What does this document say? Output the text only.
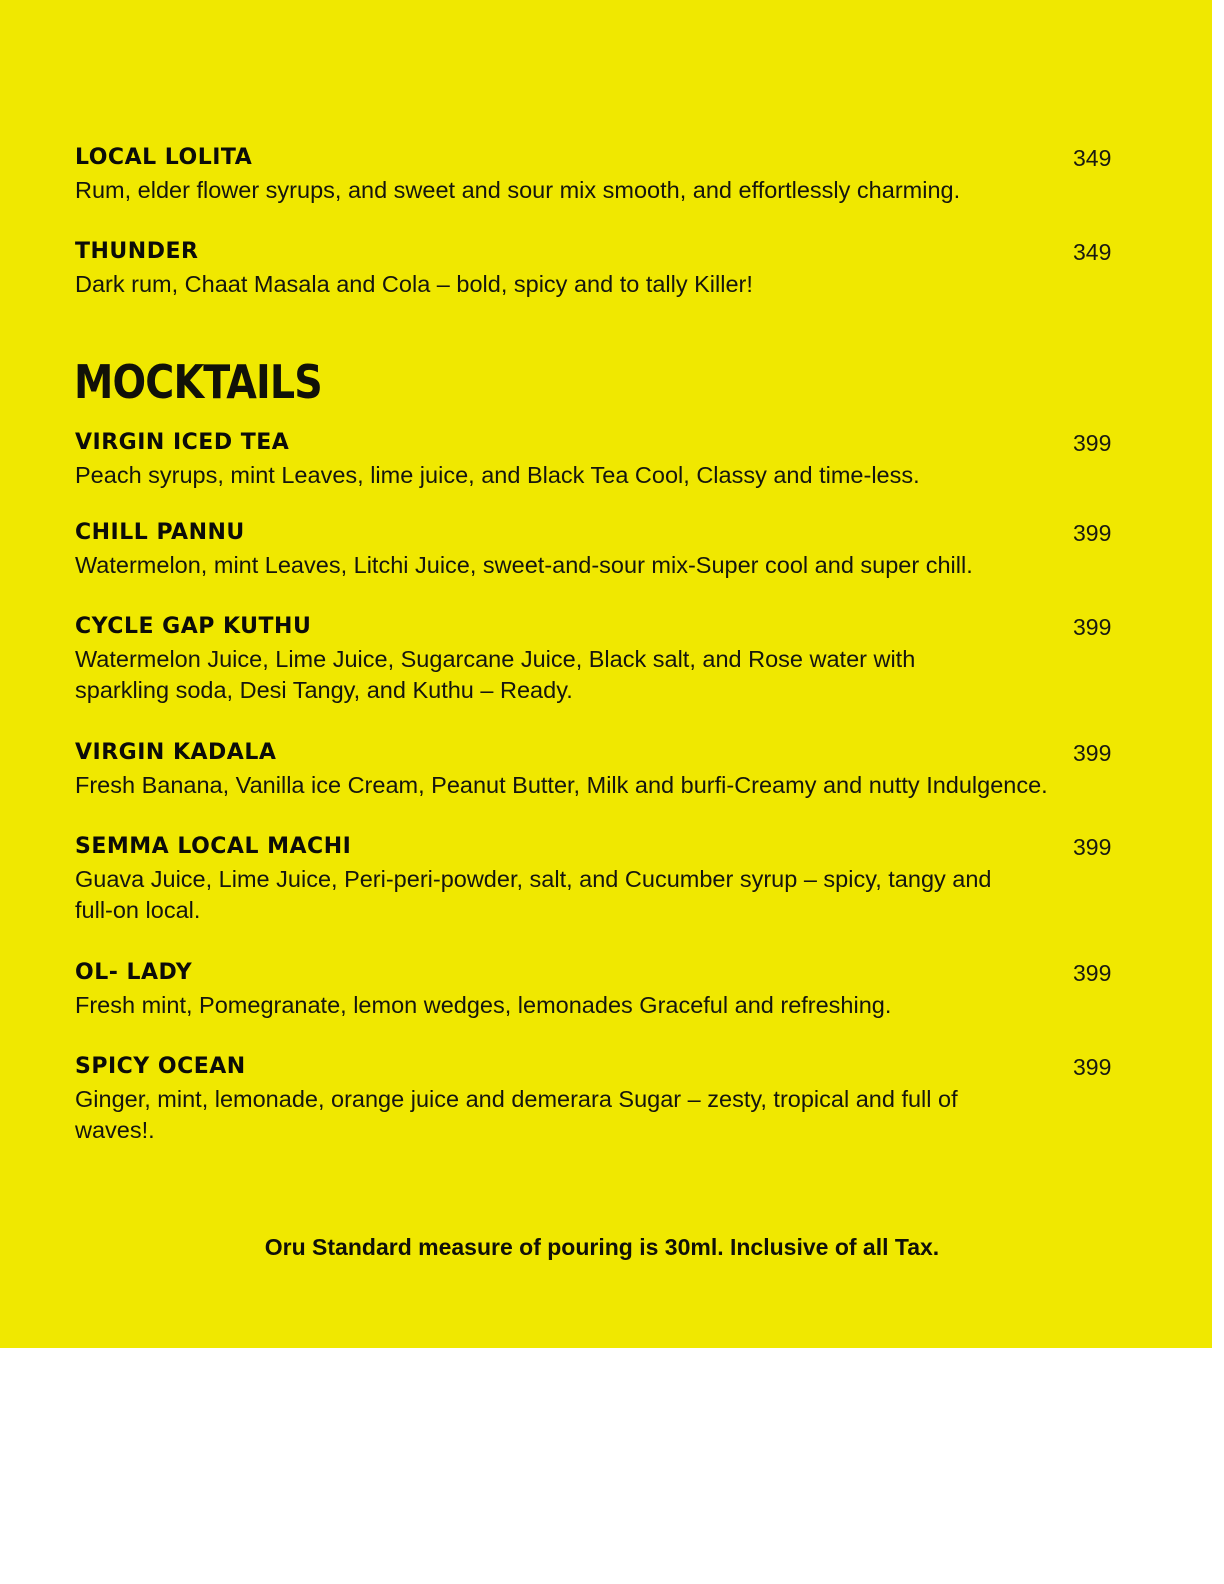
LOCAL LOLITA	349
Rum, elder flower syrups, and sweet and sour mix smooth, and effortlessly charming.
THUNDER	349
Dark rum, Chaat Masala and Cola – bold, spicy and to tally Killer!
MOCKTAILS
VIRGIN ICED TEA	399
Peach syrups, mint Leaves, lime juice, and Black Tea Cool, Classy and time-less.
CHILL PANNU	399
Watermelon, mint Leaves, Litchi Juice, sweet-and-sour mix-Super cool and super chill.
CYCLE GAP KUTHU	399
Watermelon Juice, Lime Juice, Sugarcane Juice, Black salt, and Rose water with sparkling soda, Desi Tangy, and Kuthu – Ready.
VIRGIN KADALA	399
Fresh Banana, Vanilla ice Cream, Peanut Butter, Milk and burfi-Creamy and nutty Indulgence.
SEMMA LOCAL MACHI	399
Guava Juice, Lime Juice, Peri-peri-powder, salt, and Cucumber syrup – spicy, tangy and full-on local.
OL- LADY	399
Fresh mint, Pomegranate, lemon wedges, lemonades Graceful and refreshing.
SPICY OCEAN	399
Ginger, mint, lemonade, orange juice and demerara Sugar – zesty, tropical and full of waves!.
Oru Standard measure of pouring is 30ml. Inclusive of all Tax.
